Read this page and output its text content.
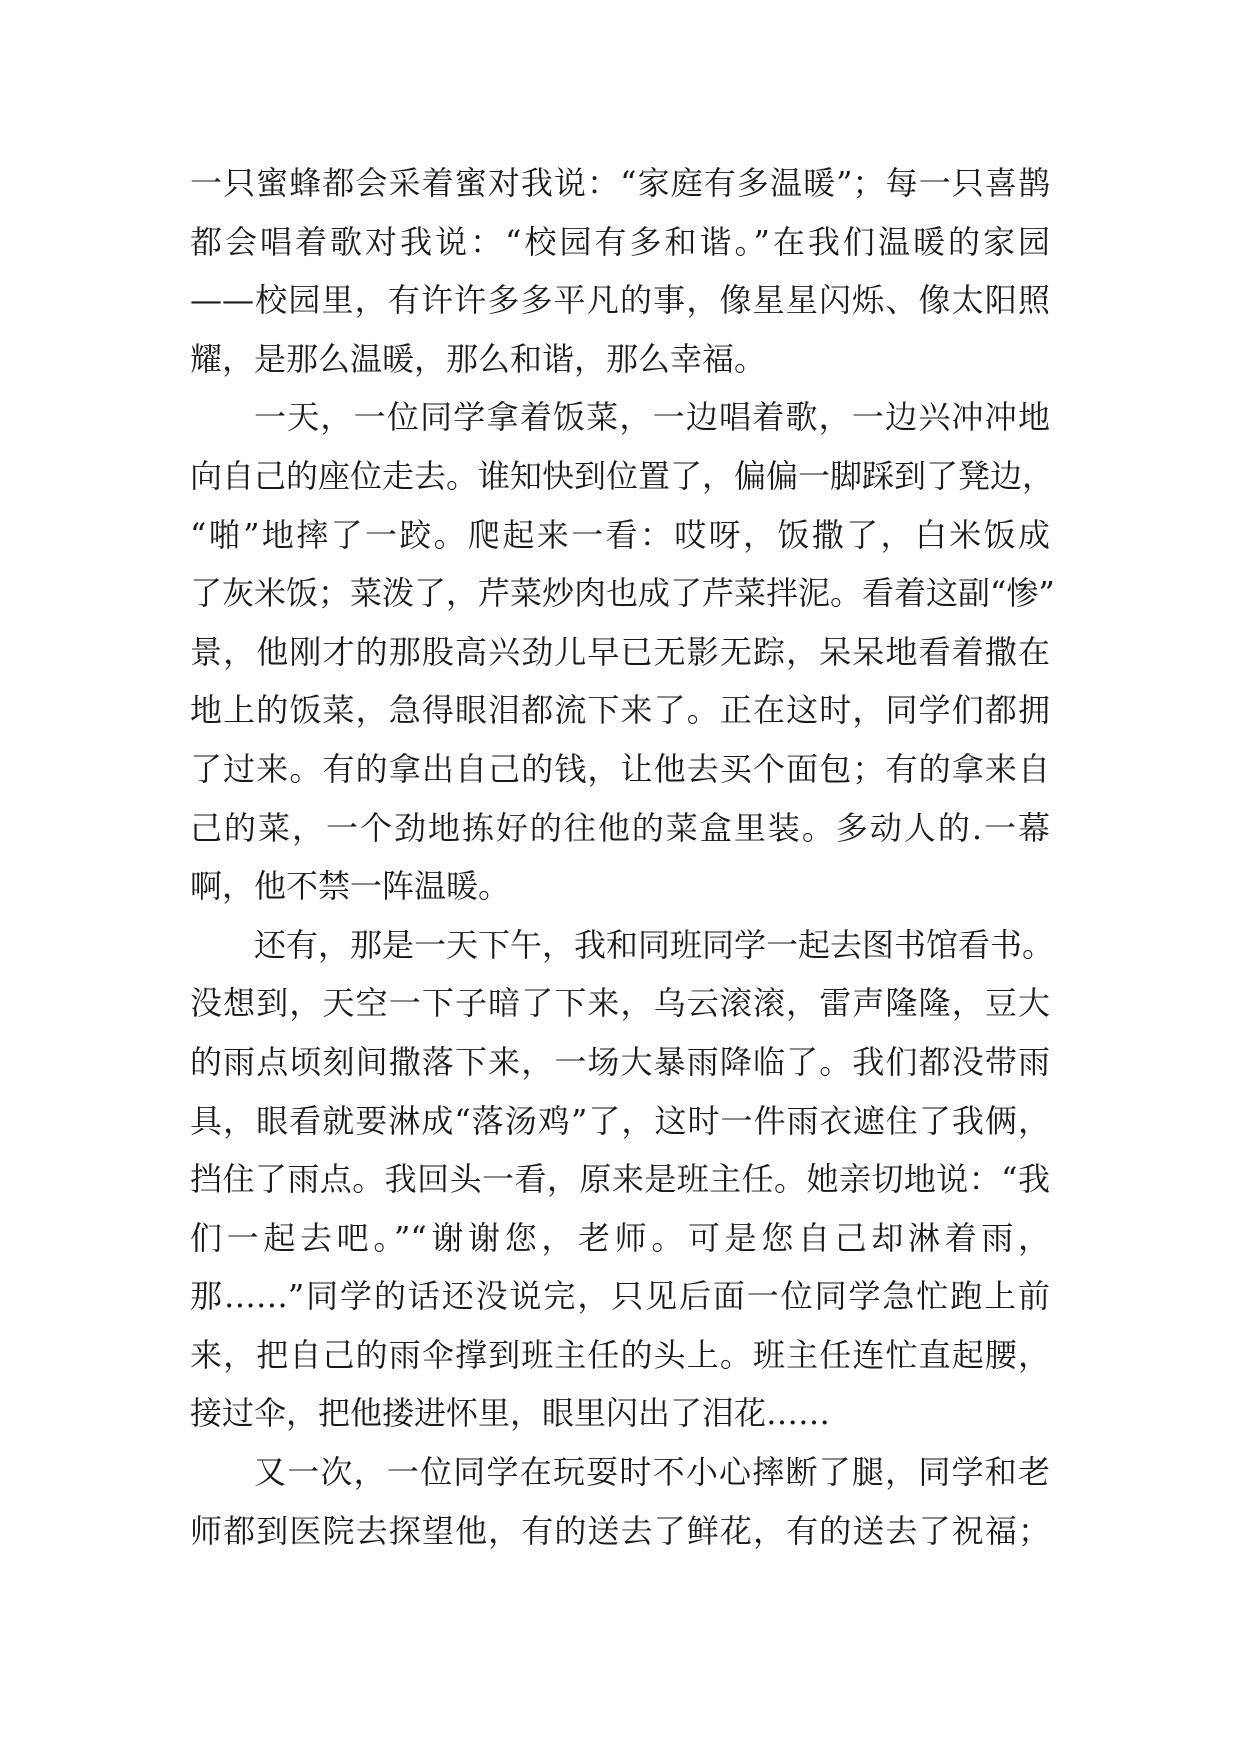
一只蜜蜂都会采着蜜对我说：“家庭有多温暖”；每一只喜鹊
都会唱着歌对我说：“校园有多和谐。”在我们温暖的家园
——校园里，有许许多多平凡的事，像星星闪烁、像太阳照
耀，是那么温暖，那么和谐，那么幸福。
一天，一位同学拿着饭菜，一边唱着歌，一边兴冲冲地
向自己的座位走去。谁知快到位置了，偏偏一脚踩到了凳边，
“啪”地摔了一跤。爬起来一看：哎呀，饭撒了，白米饭成
了灰米饭；菜泼了，芹菜炒肉也成了芹菜拌泥。看着这副“惨”
景，他刚才的那股高兴劲儿早已无影无踪，呆呆地看着撒在
地上的饭菜，急得眼泪都流下来了。正在这时，同学们都拥
了过来。有的拿出自己的钱，让他去买个面包；有的拿来自
己的菜，一个劲地拣好的往他的菜盒里装。多动人的.一幕
啊，他不禁一阵温暖。
还有，那是一天下午，我和同班同学一起去图书馆看书。
没想到，天空一下子暗了下来，乌云滚滚，雷声隆隆，豆大
的雨点顷刻间撒落下来，一场大暴雨降临了。我们都没带雨
具，眼看就要淋成“落汤鸡”了，这时一件雨衣遮住了我俩，
挡住了雨点。我回头一看，原来是班主任。她亲切地说：“我
们一起去吧。”“谢谢您，老师。可是您自己却淋着雨，
那……”同学的话还没说完，只见后面一位同学急忙跑上前
来，把自己的雨伞撑到班主任的头上。班主任连忙直起腰，
接过伞，把他搂进怀里，眼里闪出了泪花……
又一次，一位同学在玩耍时不小心摔断了腿，同学和老
师都到医院去探望他，有的送去了鲜花，有的送去了祝福；
